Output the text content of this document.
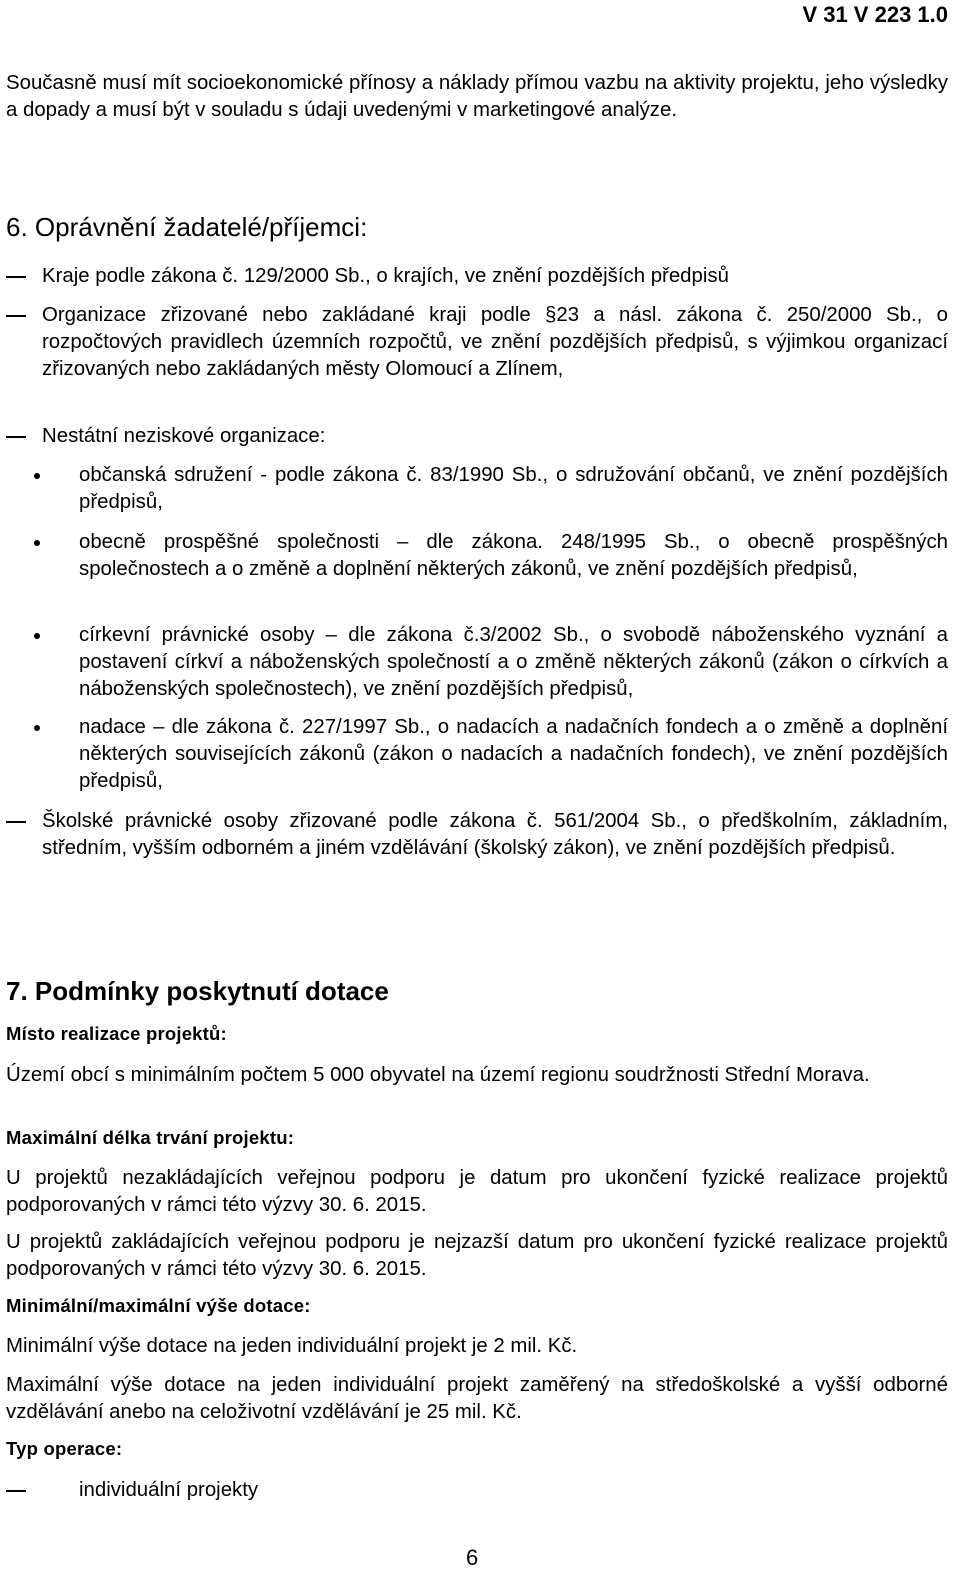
V 31 V 223 1.0

Současně musí mít socioekonomické přínosy a náklady přímou vazbu na aktivity projektu, jeho výsledky a dopady a musí být v souladu s údaji uvedenými v marketingové analýze.

6. Oprávnění žadatelé/příjemci:

Kraje podle zákona č. 129/2000 Sb., o krajích, ve znění pozdějších předpisů

Organizace zřizované nebo zakládané kraji podle §23 a násl. zákona č. 250/2000 Sb., o rozpočtových pravidlech územních rozpočtů, ve znění pozdějších předpisů, s výjimkou organizací zřizovaných nebo zakládaných městy Olomoucí a Zlínem,

Nestátní neziskové organizace:

občanská sdružení - podle zákona č. 83/1990 Sb., o sdružování občanů, ve znění pozdějších předpisů,

obecně prospěšné společnosti – dle zákona. 248/1995 Sb., o obecně prospěšných společnostech a o změně a doplnění některých zákonů, ve znění pozdějších předpisů,

církevní právnické osoby – dle zákona č.3/2002 Sb., o svobodě náboženského vyznání a postavení církví a náboženských společností a o změně některých zákonů (zákon o církvích a náboženských společnostech), ve znění pozdějších předpisů,

nadace – dle zákona č. 227/1997 Sb., o nadacích a nadačních fondech a o změně a doplnění některých souvisejících zákonů (zákon o nadacích a nadačních fondech), ve znění pozdějších předpisů,

Školské právnické osoby zřizované podle zákona č. 561/2004 Sb., o předškolním, základním, středním, vyšším odborném a jiném vzdělávání (školský zákon), ve znění pozdějších předpisů.

7. Podmínky poskytnutí dotace
Místo realizace projektů:

Území obcí s minimálním počtem 5 000 obyvatel na území regionu soudržnosti Střední Morava.

Maximální délka trvání projektu:

U projektů nezakládajících veřejnou podporu je datum pro ukončení fyzické realizace projektů podporovaných v rámci této výzvy 30. 6. 2015.

U projektů zakládajících veřejnou podporu je nejzazší datum pro ukončení fyzické realizace projektů podporovaných v rámci této výzvy 30. 6. 2015.

Minimální/maximální výše dotace:

Minimální výše dotace na jeden individuální projekt je 2 mil. Kč.

Maximální výše dotace na jeden individuální projekt zaměřený na středoškolské a vyšší odborné vzdělávání anebo na celoživotní vzdělávání je 25 mil. Kč.

Typ operace:

individuální projekty

6
